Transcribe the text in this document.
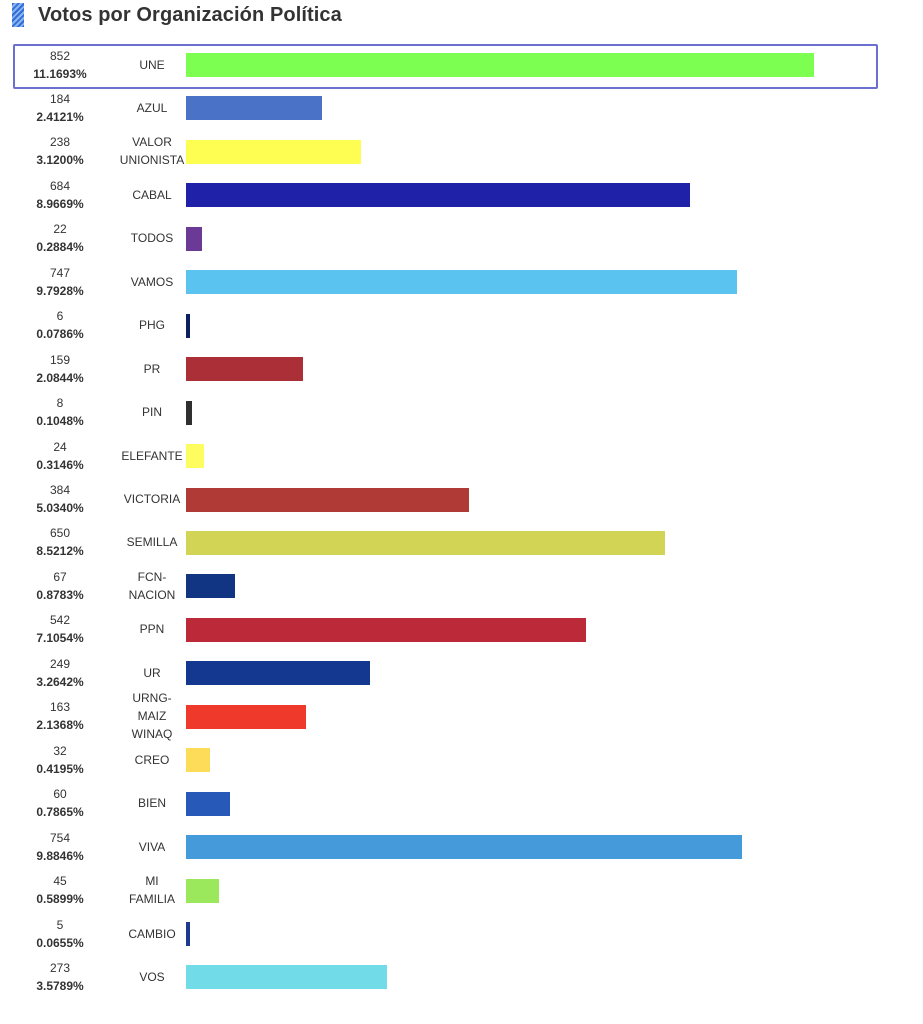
Votos por Organización Política
852
11.1693%
UNE
184
2.4121%
AZUL
238
3.1200%
VALOR
UNIONISTA
684
8.9669%
CABAL
22
0.2884%
TODOS
747
9.7928%
VAMOS
6
0.0786%
PHG
159
2.0844%
PR
8
0.1048%
PIN
24
0.3146%
ELEFANTE
384
5.0340%
VICTORIA
650
8.5212%
SEMILLA
67
0.8783%
FCN-
NACION
542
7.1054%
PPN
249
3.2642%
UR
163
2.1368%
URNG-
MAIZ
WINAQ
32
0.4195%
CREO
60
0.7865%
BIEN
754
9.8846%
VIVA
45
0.5899%
MI
FAMILIA
5
0.0655%
CAMBIO
273
3.5789%
VOS
